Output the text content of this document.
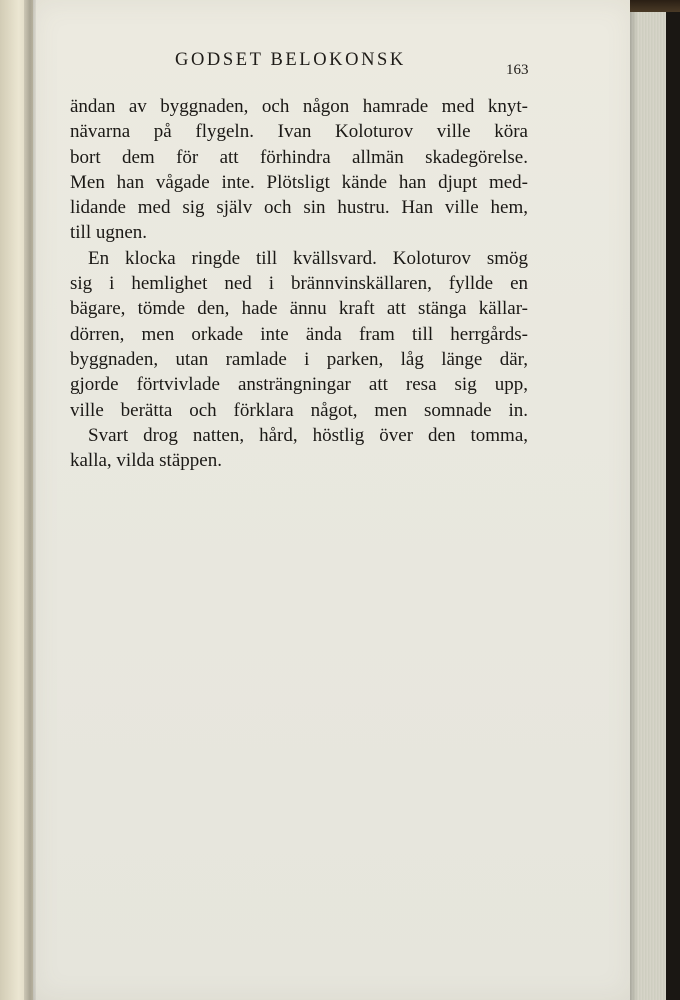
GODSET BELOKONSK	163
ändan av byggnaden, och någon hamrade med knyt-
nävarna på flygeln. Ivan Koloturov ville köra
bort dem för att förhindra allmän skadegörelse.
Men han vågade inte. Plötsligt kände han djupt med-
lidande med sig själv och sin hustru. Han ville hem,
till ugnen.
En klocka ringde till kvällsvard. Koloturov smög
sig i hemlighet ned i brännvinskällaren, fyllde en
bägare, tömde den, hade ännu kraft att stänga källar-
dörren, men orkade inte ända fram till herrgårds-
byggnaden, utan ramlade i parken, låg länge där,
gjorde förtvivlade ansträngningar att resa sig upp,
ville berätta och förklara något, men somnade in.
Svart drog natten, hård, höstlig över den tomma,
kalla, vilda stäppen.
